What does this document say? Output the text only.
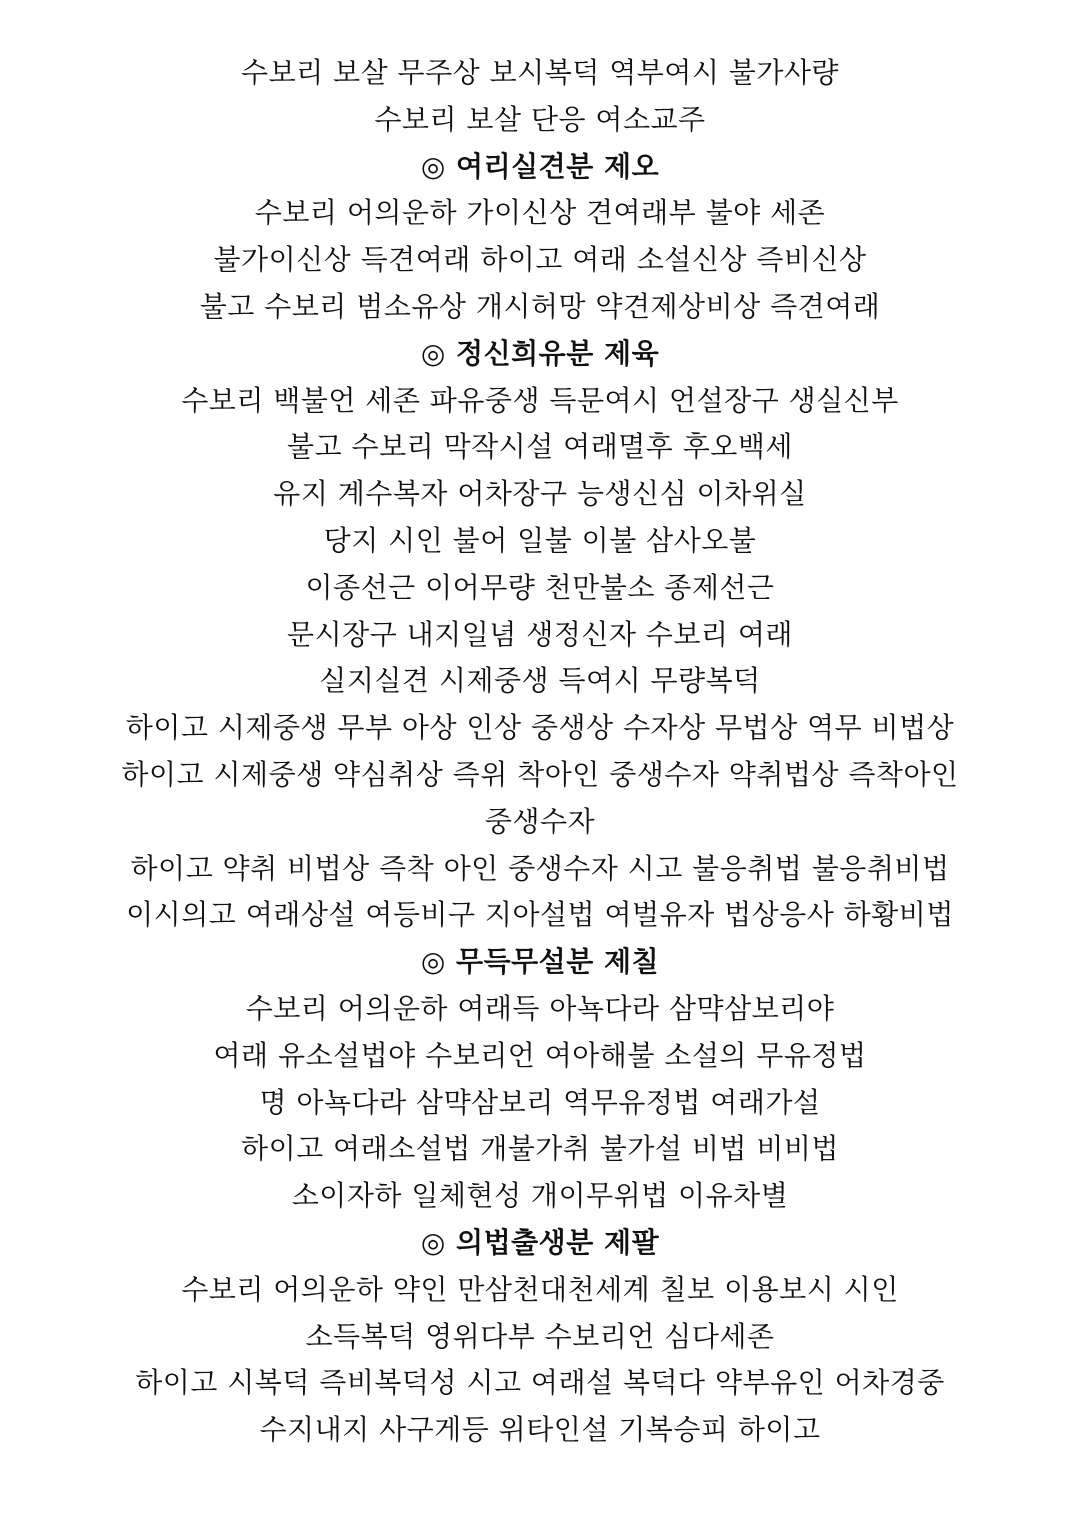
수보리 보살 무주상 보시복덕 역부여시 불가사량
수보리 보살 단응 여소교주
◎ 여리실견분 제오
수보리 어의운하 가이신상 견여래부 불야 세존
불가이신상 득견여래 하이고 여래 소설신상 즉비신상
불고 수보리 범소유상 개시허망 약견제상비상 즉견여래
◎ 정신희유분 제육
수보리 백불언 세존 파유중생 득문여시 언설장구 생실신부
불고 수보리 막작시설 여래멸후 후오백세
유지 계수복자 어차장구 능생신심 이차위실
당지 시인 불어 일불 이불 삼사오불
이종선근 이어무량 천만불소 종제선근
문시장구 내지일념 생정신자 수보리 여래
실지실견 시제중생 득여시 무량복덕
하이고 시제중생 무부 아상 인상 중생상 수자상 무법상 역무 비법상
하이고 시제중생 약심취상 즉위 착아인 중생수자 약취법상 즉착아인 중생수자
하이고 약취 비법상 즉착 아인 중생수자 시고 불응취법 불응취비법
이시의고 여래상설 여등비구 지아설법 여벌유자 법상응사 하황비법
◎ 무득무설분 제칠
수보리 어의운하 여래득 아뇩다라 삼먁삼보리야
여래 유소설법야 수보리언 여아해불 소설의 무유정법
명 아뇩다라 삼먁삼보리 역무유정법 여래가설
하이고 여래소설법 개불가취 불가설 비법 비비법
소이자하 일체현성 개이무위법 이유차별
◎ 의법출생분 제팔
수보리 어의운하 약인 만삼천대천세계 칠보 이용보시 시인
소득복덕 영위다부 수보리언 심다세존
하이고 시복덕 즉비복덕성 시고 여래설 복덕다 약부유인 어차경중
수지내지 사구게등 위타인설 기복승피 하이고
